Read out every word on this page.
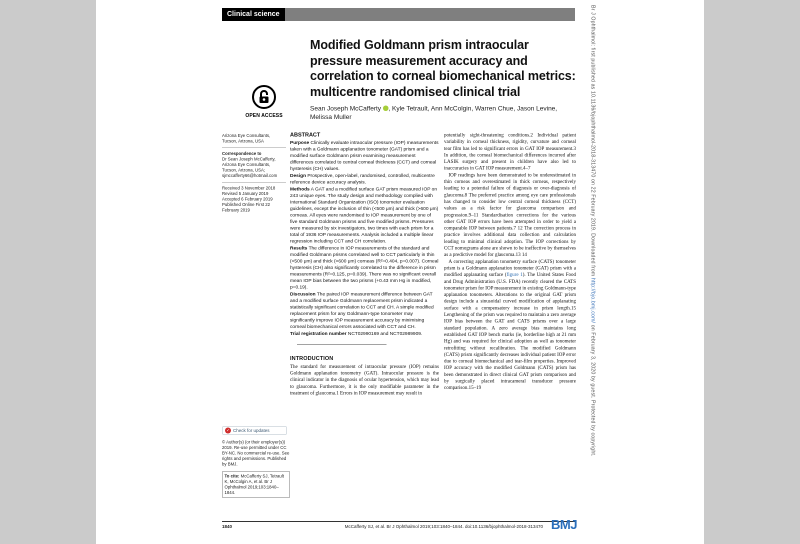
Clinical science
OPEN ACCESS
Modified Goldmann prism intraocular pressure measurement accuracy and correlation to corneal biomechanical metrics: multicentre randomised clinical trial
Sean Joseph McCafferty , Kyle Tetrault, Ann McColgin, Warren Chue, Jason Levine, Melissa Muller
Arizona Eye Consultants, Tucson, Arizona, USA
Correspondence to
Dr Sean Joseph McCafferty, Arizona Eye Consultants, Tucson, Arizona, USA; sjmccafferty66@hotmail.com
Received 3 November 2018
Revised 5 January 2019
Accepted 6 February 2019
Published Online First 22 February 2019
✓ Check for updates
© Author(s) (or their employer(s)) 2019. Re-use permitted under CC BY-NC. No commercial re-use. See rights and permissions. Published by BMJ.
To cite: McCafferty SJ, Tetrault K, McColgin A, et al. Br J Ophthalmol 2019;103:1840–1844.
ABSTRACT

Purpose Clinically evaluate intraocular pressure (IOP) measurements taken with a Goldmann applanation tonometer (GAT) prism and a modified surface Goldmann prism examining measurement differences correlated to central corneal thickness (CCT) and corneal hysteresis (CH) values.

Design Prospective, open-label, randomised, controlled, multicentre reference device accuracy analysis.

Methods A GAT and a modified surface GAT prism measured IOP on 243 unique eyes. The study design and methodology complied with International Standard Organization (ISO) tonometer evaluation guidelines, except the inclusion of thin (<500 μm) and thick (>600 μm) corneas. All eyes were randomised to IOP measurement by one of five standard Goldmann prisms and five modified prisms. Pressures were measured by six investigators, two times with each prism for a total of 1936 IOP measurements. Analysis included a multiple linear regression including CCT and CH correlation.

Results The difference in IOP measurements of the standard and modified Goldmann prisms correlated well to CCT particularly in thin (<500 μm) and thick (>600 μm) corneas (R²=0.404, p=0.007). Corneal hysteresis (CH) also significantly correlated to the difference in prism measurements (R²=0.125, p=0.039). There was no significant overall mean IOP bias between the two prisms (+0.43 mm Hg in modified, p=0.19).

Discussion The paired IOP measurement difference between GAT and a modified surface Goldmann replacement prism indicated a statistically significant correlation to CCT and CH. A simple modified replacement prism for any Goldmann-type tonometer may significantly improve IOP measurement accuracy by minimising corneal biomechanical errors associated with CCT and CH.

Trial registration number NCT02990169 and NCT02989909.

INTRODUCTION

The standard for measurement of intraocular pressure (IOP) remains Goldmann applanation tonometry (GAT). Intraocular pressure is the clinical indicator in the diagnosis of ocular hypertension, which may lead to glaucoma. Furthermore, it is the only modifiable parameter in the treatment of glaucoma.1 Errors in IOP measurement may result in

potentially sight-threatening conditions.2 Individual patient variability in corneal thickness, rigidity, curvature and corneal tear film has led to significant errors in GAT IOP measurement.3 In addition, the corneal biomechanical differences incurred after LASIK surgery and present in children have also led to inaccuracies in GAT IOP measurement.4–7

IOP readings have been demonstrated to be underestimated in thin corneas and overestimated in thick corneas, respectively leading to a potential failure of diagnosis or over-diagnosis of glaucoma.8 The preferred practice among eye care professionals has changed to consider low central corneal thickness (CCT) values as a risk factor for glaucoma comparison and progression.9–11 Standardisation corrections for the various other GAT IOP errors have been attempted in order to yield a comparable IOP between patients.7 12 The correction process in practice involves additional data collection and calculation leading to minimal clinical adoption. The IOP corrections by CCT nomograms alone are shown to be ineffective by themselves as a predictive model for glaucoma.13 14

A correcting applanation tonometry surface (CATS) tonometer prism is a Goldmann applanation tonometer (GAT) prism with a modified applanating surface (figure 1). The United States Food and Drug Administration (U.S. FDA) recently cleared the CATS tonometer prism for IOP measurement in existing Goldmann-type applanation tonometers. Alterations to the original GAT prism design include a sinusoidal curved modification of applanating surface with a compensatory increase in prism length.15 Lengthening of the prism was required to maintain a zero average IOP bias between the GAT and CATS prisms over a large standard population. A zero average bias maintains long established GAT IOP bench marks (ie, borderline high at 21 mm Hg) and was required for clinical adoption as well as tonometer retrofitting without recalibration. The modified Goldmann (CATS) prism significantly decreases individual patient IOP error due to corneal biomechanical and tear-film properties. Improved IOP accuracy with the modified Goldmann (CATS) prism has been demonstrated in direct clinical GAT prism comparison and by surgically placed intracameral transducer pressure comparison.15–19

1840	McCafferty SJ, et al. Br J Ophthalmol 2019;103:1840–1844. doi:10.1136/bjophthalmol-2018-313470 BMJ
Br J Ophthalmol: first published as 10.1136/bjophthalmol-2018-313470 on 22 February 2019. Downloaded from http://bjo.bmj.com/ on February 3, 2020 by guest. Protected by copyright.
